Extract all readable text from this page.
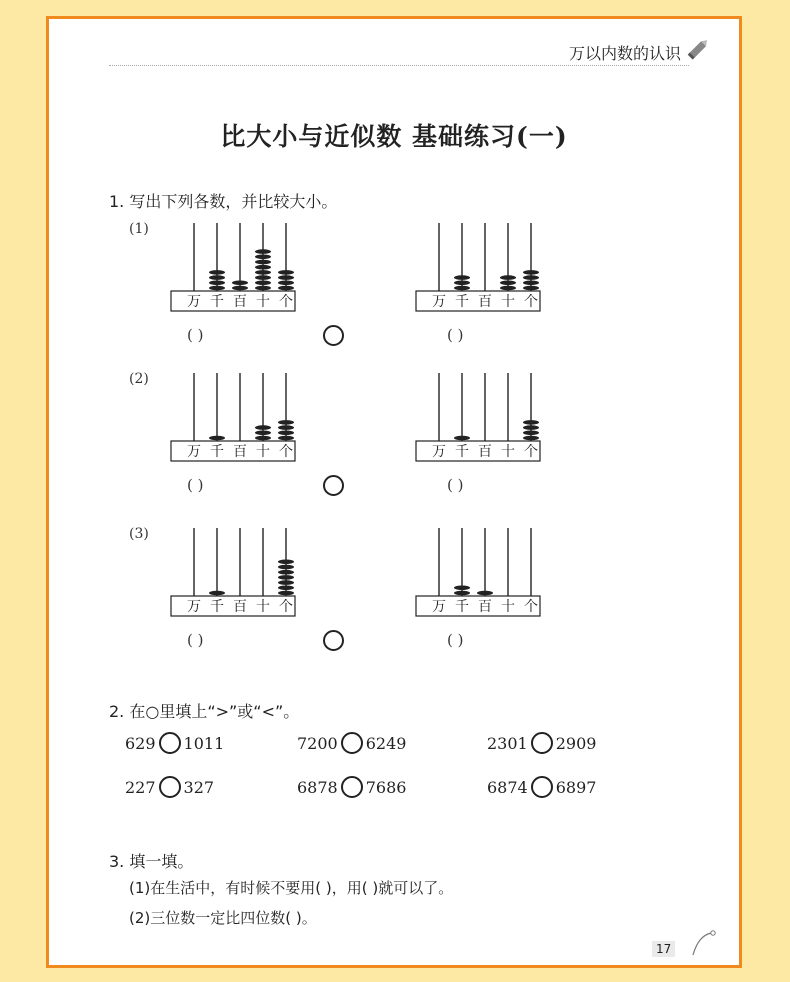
万以内数的认识
比大小与近似数 基础练习(一)
1. 写出下列各数，并比较大小。
(1)
万 千 百 十 个	万 千 百 十 个
( )	( )
(2)
万 千 百 十 个	万 千 百 十 个
( )	( )
(3)
万 千 百 十 个	万 千 百 十 个
( )	( )
2. 在○里填上“>”或“<”。
629 1011	7200 6249	2301 2909
227 327	6878 7686	6874 6897
3. 填一填。
(1)在生活中，有时候不要用( )，用( )就可以了。
(2)三位数一定比四位数( )。
17
